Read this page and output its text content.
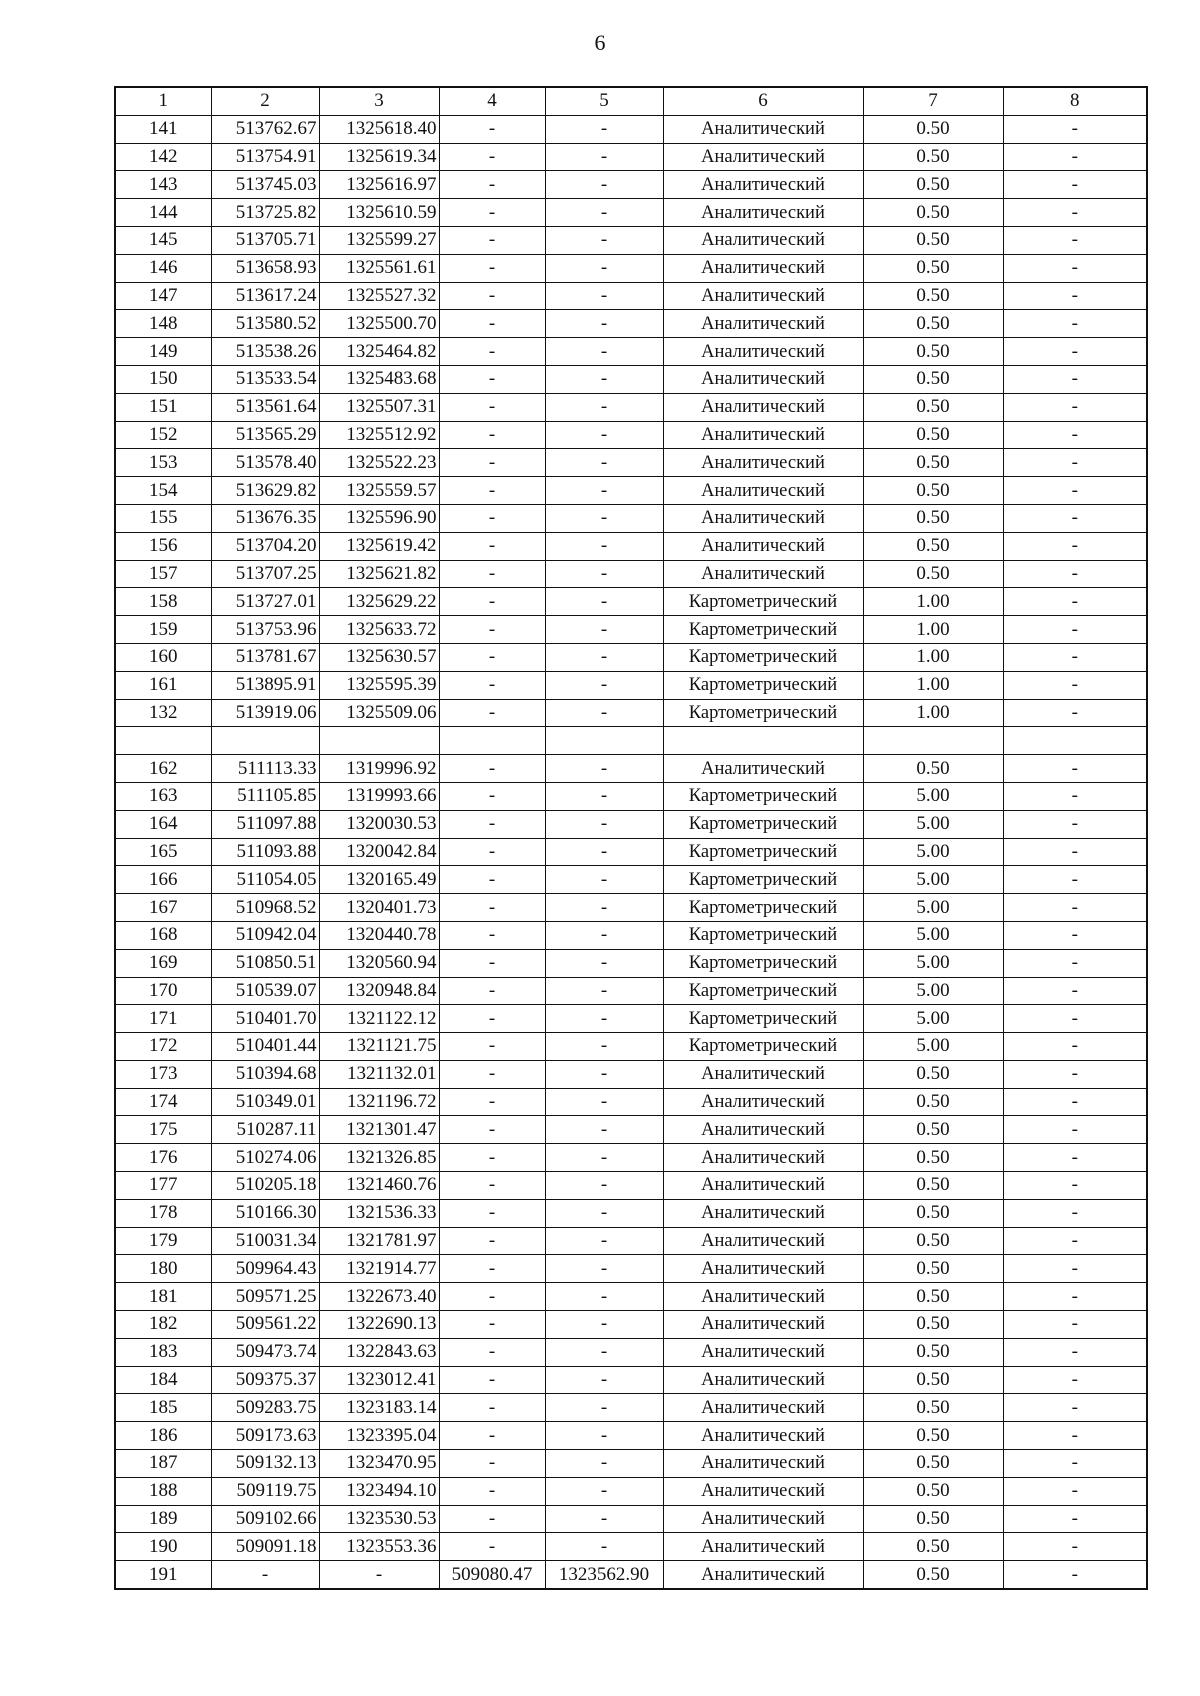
6
1	2	3	4	5	6	7	8
141	513762.67	1325618.40	-	-	Аналитический	0.50	-
142	513754.91	1325619.34	-	-	Аналитический	0.50	-
143	513745.03	1325616.97	-	-	Аналитический	0.50	-
144	513725.82	1325610.59	-	-	Аналитический	0.50	-
145	513705.71	1325599.27	-	-	Аналитический	0.50	-
146	513658.93	1325561.61	-	-	Аналитический	0.50	-
147	513617.24	1325527.32	-	-	Аналитический	0.50	-
148	513580.52	1325500.70	-	-	Аналитический	0.50	-
149	513538.26	1325464.82	-	-	Аналитический	0.50	-
150	513533.54	1325483.68	-	-	Аналитический	0.50	-
151	513561.64	1325507.31	-	-	Аналитический	0.50	-
152	513565.29	1325512.92	-	-	Аналитический	0.50	-
153	513578.40	1325522.23	-	-	Аналитический	0.50	-
154	513629.82	1325559.57	-	-	Аналитический	0.50	-
155	513676.35	1325596.90	-	-	Аналитический	0.50	-
156	513704.20	1325619.42	-	-	Аналитический	0.50	-
157	513707.25	1325621.82	-	-	Аналитический	0.50	-
158	513727.01	1325629.22	-	-	Картометрический	1.00	-
159	513753.96	1325633.72	-	-	Картометрический	1.00	-
160	513781.67	1325630.57	-	-	Картометрический	1.00	-
161	513895.91	1325595.39	-	-	Картометрический	1.00	-
132	513919.06	1325509.06	-	-	Картометрический	1.00	-

162	511113.33	1319996.92	-	-	Аналитический	0.50	-
163	511105.85	1319993.66	-	-	Картометрический	5.00	-
164	511097.88	1320030.53	-	-	Картометрический	5.00	-
165	511093.88	1320042.84	-	-	Картометрический	5.00	-
166	511054.05	1320165.49	-	-	Картометрический	5.00	-
167	510968.52	1320401.73	-	-	Картометрический	5.00	-
168	510942.04	1320440.78	-	-	Картометрический	5.00	-
169	510850.51	1320560.94	-	-	Картометрический	5.00	-
170	510539.07	1320948.84	-	-	Картометрический	5.00	-
171	510401.70	1321122.12	-	-	Картометрический	5.00	-
172	510401.44	1321121.75	-	-	Картометрический	5.00	-
173	510394.68	1321132.01	-	-	Аналитический	0.50	-
174	510349.01	1321196.72	-	-	Аналитический	0.50	-
175	510287.11	1321301.47	-	-	Аналитический	0.50	-
176	510274.06	1321326.85	-	-	Аналитический	0.50	-
177	510205.18	1321460.76	-	-	Аналитический	0.50	-
178	510166.30	1321536.33	-	-	Аналитический	0.50	-
179	510031.34	1321781.97	-	-	Аналитический	0.50	-
180	509964.43	1321914.77	-	-	Аналитический	0.50	-
181	509571.25	1322673.40	-	-	Аналитический	0.50	-
182	509561.22	1322690.13	-	-	Аналитический	0.50	-
183	509473.74	1322843.63	-	-	Аналитический	0.50	-
184	509375.37	1323012.41	-	-	Аналитический	0.50	-
185	509283.75	1323183.14	-	-	Аналитический	0.50	-
186	509173.63	1323395.04	-	-	Аналитический	0.50	-
187	509132.13	1323470.95	-	-	Аналитический	0.50	-
188	509119.75	1323494.10	-	-	Аналитический	0.50	-
189	509102.66	1323530.53	-	-	Аналитический	0.50	-
190	509091.18	1323553.36	-	-	Аналитический	0.50	-
191	-	-	509080.47	1323562.90	Аналитический	0.50	-
